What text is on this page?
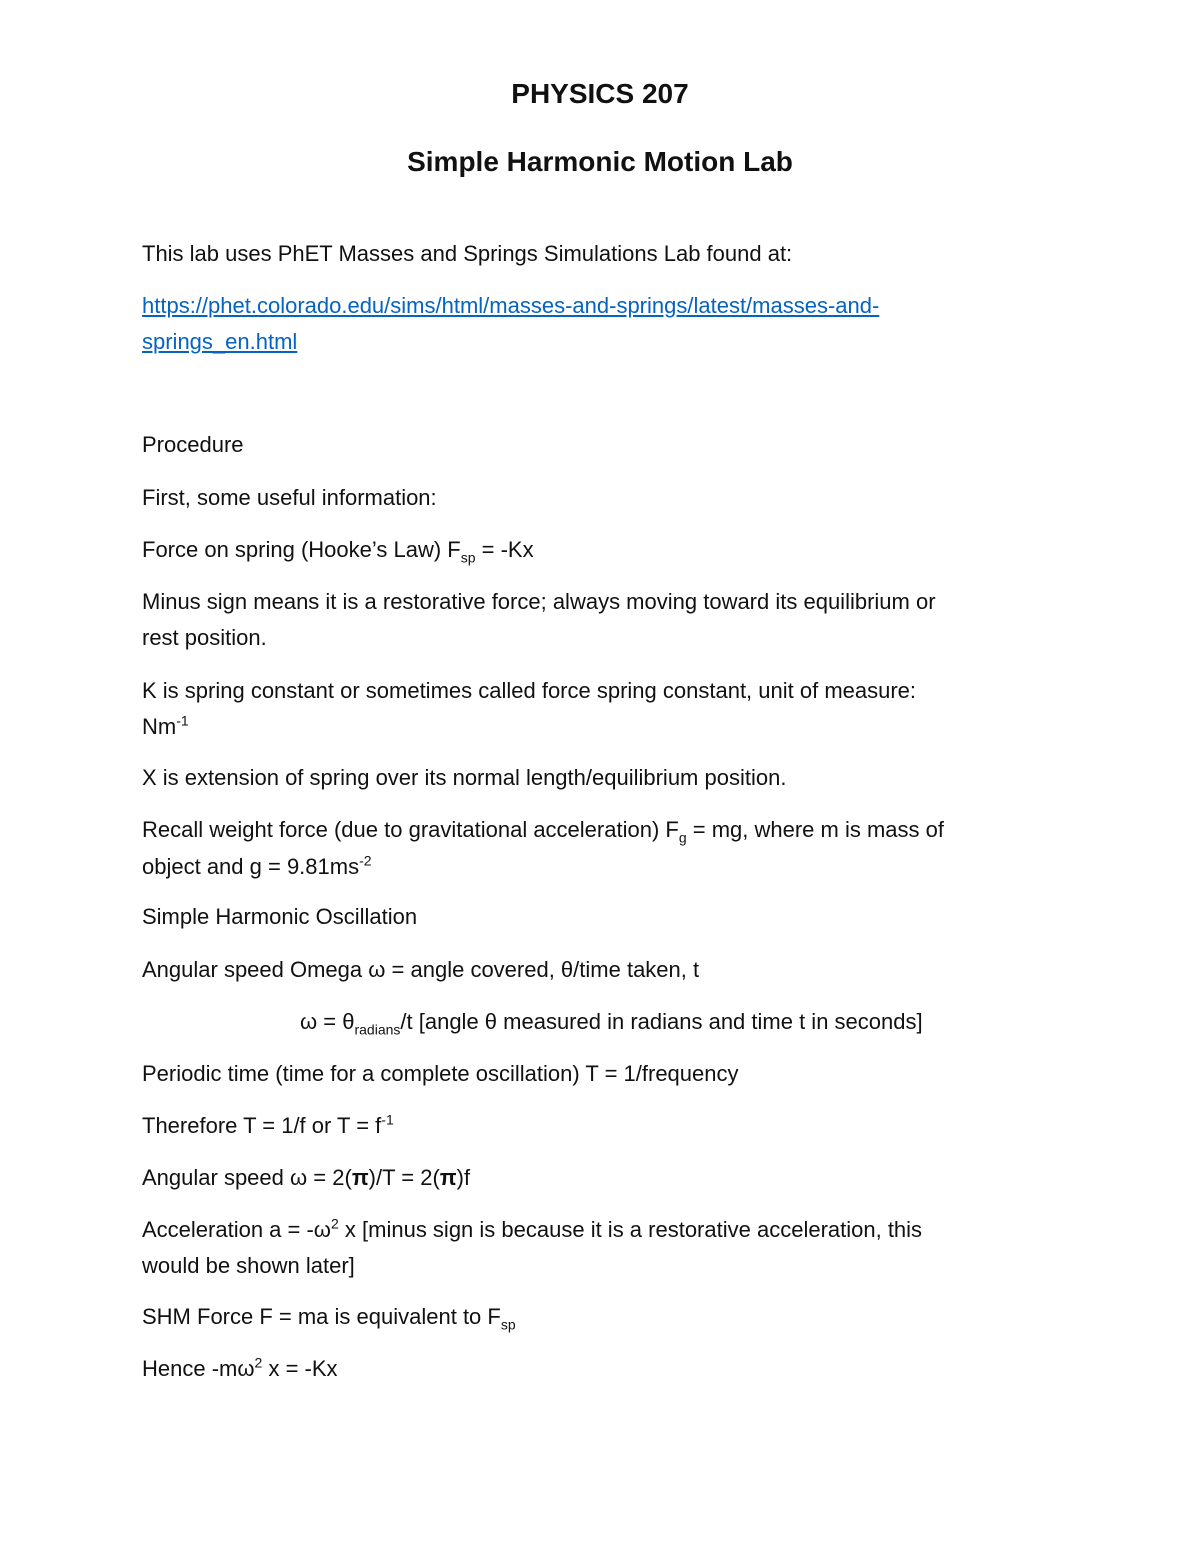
PHYSICS 207
Simple Harmonic Motion Lab
This lab uses PhET Masses and Springs Simulations Lab found at:
https://phet.colorado.edu/sims/html/masses-and-springs/latest/masses-and-
springs_en.html
Procedure
First, some useful information:
Force on spring (Hooke’s Law) $F_{sp} = -Kx$
Minus sign means it is a restorative force; always moving toward its equilibrium or
rest position.
K is spring constant or sometimes called force spring constant, unit of measure:
$Nm^{-1}$
X is extension of spring over its normal length/equilibrium position.
Recall weight force (due to gravitational acceleration) $F_g$ = mg, where m is mass of
object and $g = 9.81ms^{-2}$
Simple Harmonic Oscillation
Angular speed Omega ω = angle covered, θ/time taken, t
$\omega = \theta_{radians}/t$ [angle θ measured in radians and time t in seconds]
Periodic time (time for a complete oscillation) T = 1/frequency
Therefore T = 1/f or $T = f^{-1}$
Angular speed ω = 2(π)/T = 2(π)f
Acceleration $a = -\omega^2$ x [minus sign is because it is a restorative acceleration, this
would be shown later]
SHM Force F = ma is equivalent to $F_{sp}$
Hence $-m\omega^2$ x = -Kx
